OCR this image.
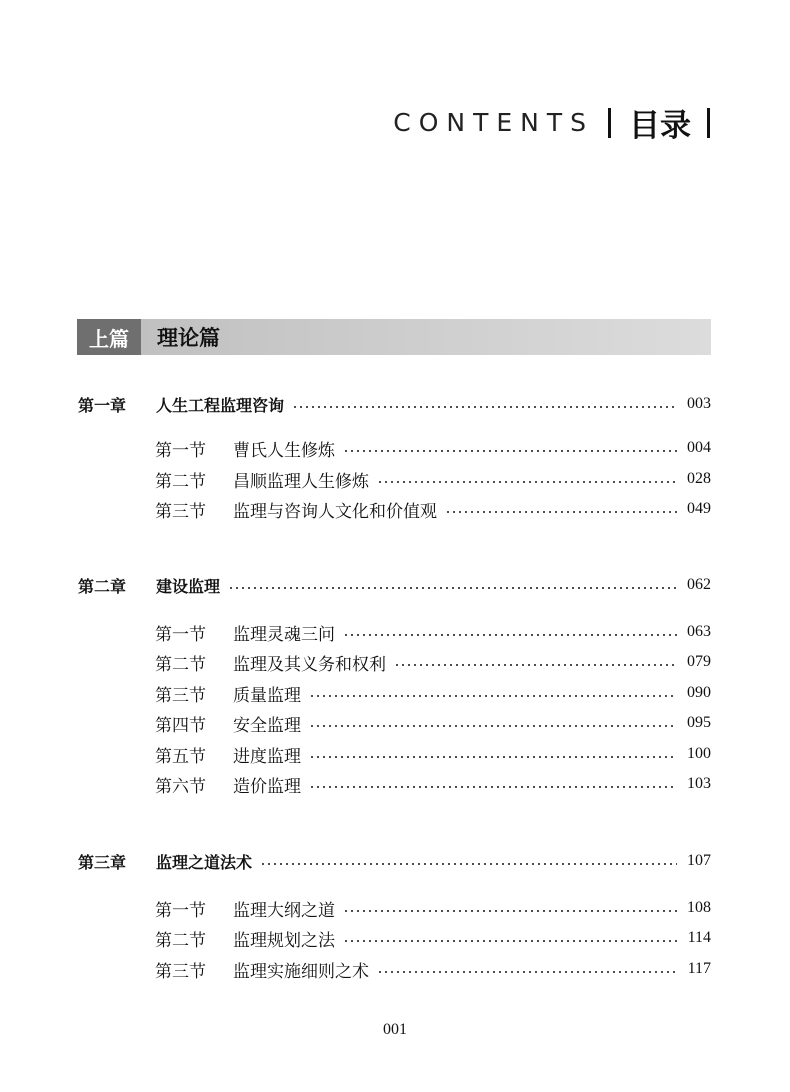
CONTENTS 目录
上篇	理论篇
第一章	人生工程监理咨询	003
第一节	曹氏人生修炼	004
第二节	昌顺监理人生修炼	028
第三节	监理与咨询人文化和价值观	049
第二章	建设监理	062
第一节	监理灵魂三问	063
第二节	监理及其义务和权利	079
第三节	质量监理	090
第四节	安全监理	095
第五节	进度监理	100
第六节	造价监理	103
第三章	监理之道法术	107
第一节	监理大纲之道	108
第二节	监理规划之法	114
第三节	监理实施细则之术	117
001
